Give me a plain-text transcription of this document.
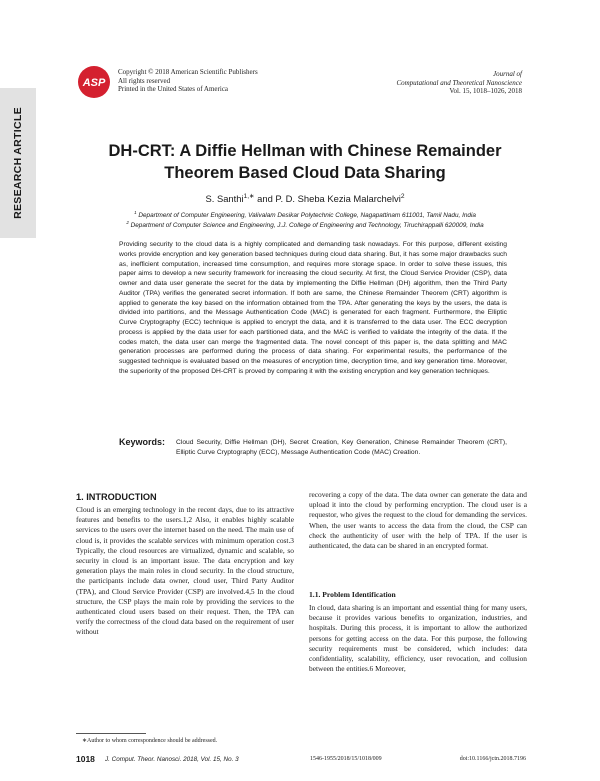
RESEARCH ARTICLE
ASP
Copyright © 2018 American Scientific Publishers
All rights reserved
Printed in the United States of America
Journal of
Computational and Theoretical Nanoscience
Vol. 15, 1018–1026, 2018
DH-CRT: A Diffie Hellman with Chinese Remainder
Theorem Based Cloud Data Sharing
S. Santhi$^{1,∗}$ and P. D. Sheba Kezia Malarchelvi$^2$
$^1$ Department of Computer Engineering, Valivalam Desikar Polytechnic College, Nagapattinam 611001, Tamil Nadu, India
$^2$ Department of Computer Science and Engineering, J.J. College of Engineering and Technology, Tiruchirappalli 620009, India
Providing security to the cloud data is a highly complicated and demanding task nowadays. For this purpose, different existing works provide encryption and key generation based techniques during cloud data sharing. But, it has some major drawbacks such as, inefficient computation, increased time consumption, and requires more storage space. In order to solve these issues, this paper aims to develop a new security framework for increasing the cloud security. At first, the Cloud Service Provider (CSP), data owner and data user generate the secret for the data by implementing the Diffie Hellman (DH) algorithm, then the Third Party Auditor (TPA) verifies the generated secret information. If both are same, the Chinese Remainder Theorem (CRT) algorithm is applied to generate the key based on the information obtained from the TPA. After generating the keys by the users, the data is divided into partitions, and the Message Authentication Code (MAC) is generated for each fragment. Furthermore, the Elliptic Curve Cryptography (ECC) technique is applied to encrypt the data, and it is transferred to the data user. The ECC decryption process is applied by the data user for each partitioned data, and the MAC is verified to validate the integrity of the data. If the codes match, the data user can merge the fragmented data. The novel concept of this paper is, the data splitting and MAC generation processes are performed during the process of data sharing. For experimental results, the performance of the suggested technique is evaluated based on the measures of encryption time, decryption time, and key generation time. Moreover, the superiority of the proposed DH-CRT is proved by comparing it with the existing encryption and key generation techniques.
Keywords: Cloud Security, Diffie Hellman (DH), Secret Creation, Key Generation, Chinese Remainder Theorem (CRT), Elliptic Curve Cryptography (ECC), Message Authentication Code (MAC) Creation.
1. INTRODUCTION
Cloud is an emerging technology in the recent days, due to its attractive features and benefits to the users.1,2 Also, it enables highly scalable services to the users over the internet based on the need. The main use of cloud is, it provides the scalable services with minimum operation cost.3 Typically, the cloud resources are virtualized, dynamic and scalable, so security in cloud is an important issue. The data encryption and key generation plays the main roles in cloud security. In the cloud structure, the participants include data owner, cloud user, Third Party Auditor (TPA), and Cloud Service Provider (CSP) are involved.4,5 In the cloud structure, the CSP plays the main role by providing the services to the authenticated cloud users based on their request. Then, the TPA can verify the correctness of the cloud data based on the requirement of user without
recovering a copy of the data. The data owner can generate the data and upload it into the cloud by performing encryption. The cloud user is a requestor, who gives the request to the cloud for demanding the services. When, the user wants to access the data from the cloud, the CSP can check the authenticity of user with the help of TPA. If the user is authenticated, the data can be shared in an encrypted format.
1.1. Problem Identification
In cloud, data sharing is an important and essential thing for many users, because it provides various benefits to organization, industries, and hospitals. During this process, it is important to allow the authorized persons for getting access on the data. For this purpose, the following security requirements must be considered, which includes: data confidentiality, scalability, efficiency, user revocation, and collusion between the entities.6 Moreover,
∗Author to whom correspondence should be addressed.
1018 J. Comput. Theor. Nanosci. 2018, Vol. 15, No. 3	1546-1955/2018/15/1018/009	doi:10.1166/jctn.2018.7196
